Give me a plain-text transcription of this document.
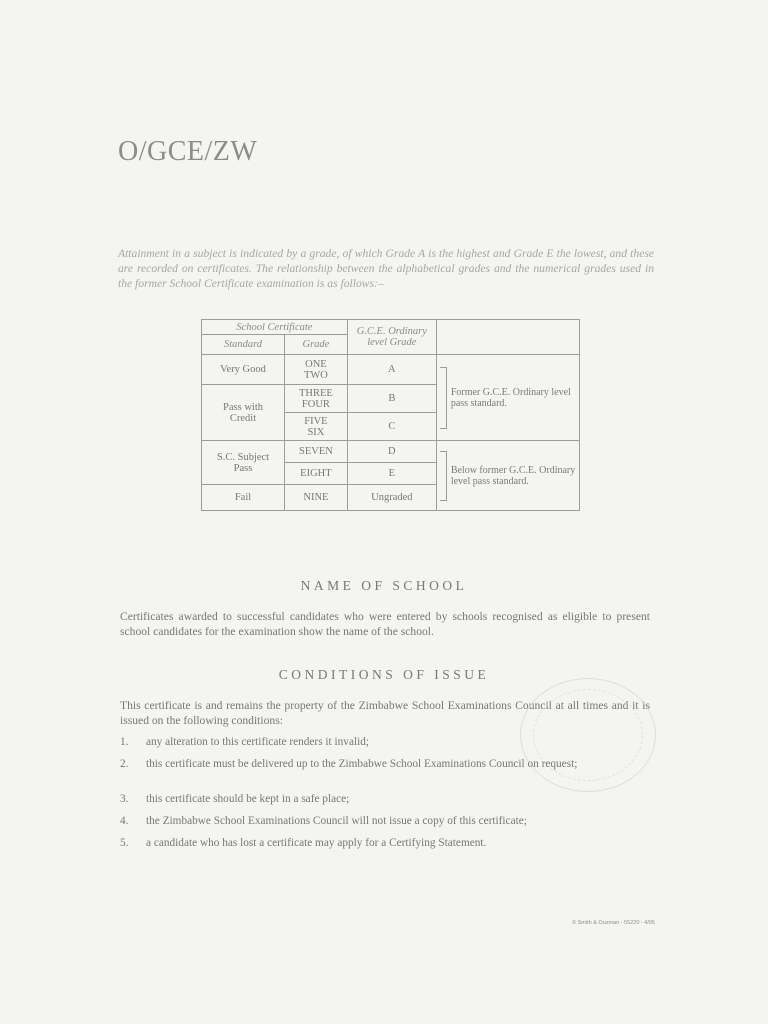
O/GCE/ZW
Attainment in a subject is indicated by a grade, of which Grade A is the highest and Grade E the lowest, and these are recorded on certificates. The relationship between the alphabetical grades and the numerical grades used in the former School Certificate examination is as follows:–
School Certificate		G.C.E. Ordinary level Grade	
Standard	Grade		
Very Good	ONE TWO	A	Former G.C.E. Ordinary level pass standard.
Pass with Credit	THREE FOUR	B	
	FIVE SIX	C	
S.C. Subject Pass	SEVEN	D	Below former G.C.E. Ordinary level pass standard.
	EIGHT	E	
Fail	NINE	Ungraded	
NAME OF SCHOOL
Certificates awarded to successful candidates who were entered by schools recognised as eligible to present school candidates for the examination show the name of the school.
CONDITIONS OF ISSUE
This certificate is and remains the property of the Zimbabwe School Examinations Council at all times and it is issued on the following conditions:
1. any alteration to this certificate renders it invalid;
2. this certificate must be delivered up to the Zimbabwe School Examinations Council on request;
3. this certificate should be kept in a safe place;
4. the Zimbabwe School Examinations Council will not issue a copy of this certificate;
5. a candidate who has lost a certificate may apply for a Certifying Statement.
© Smith & Ouzman - 55220 - 4/95
